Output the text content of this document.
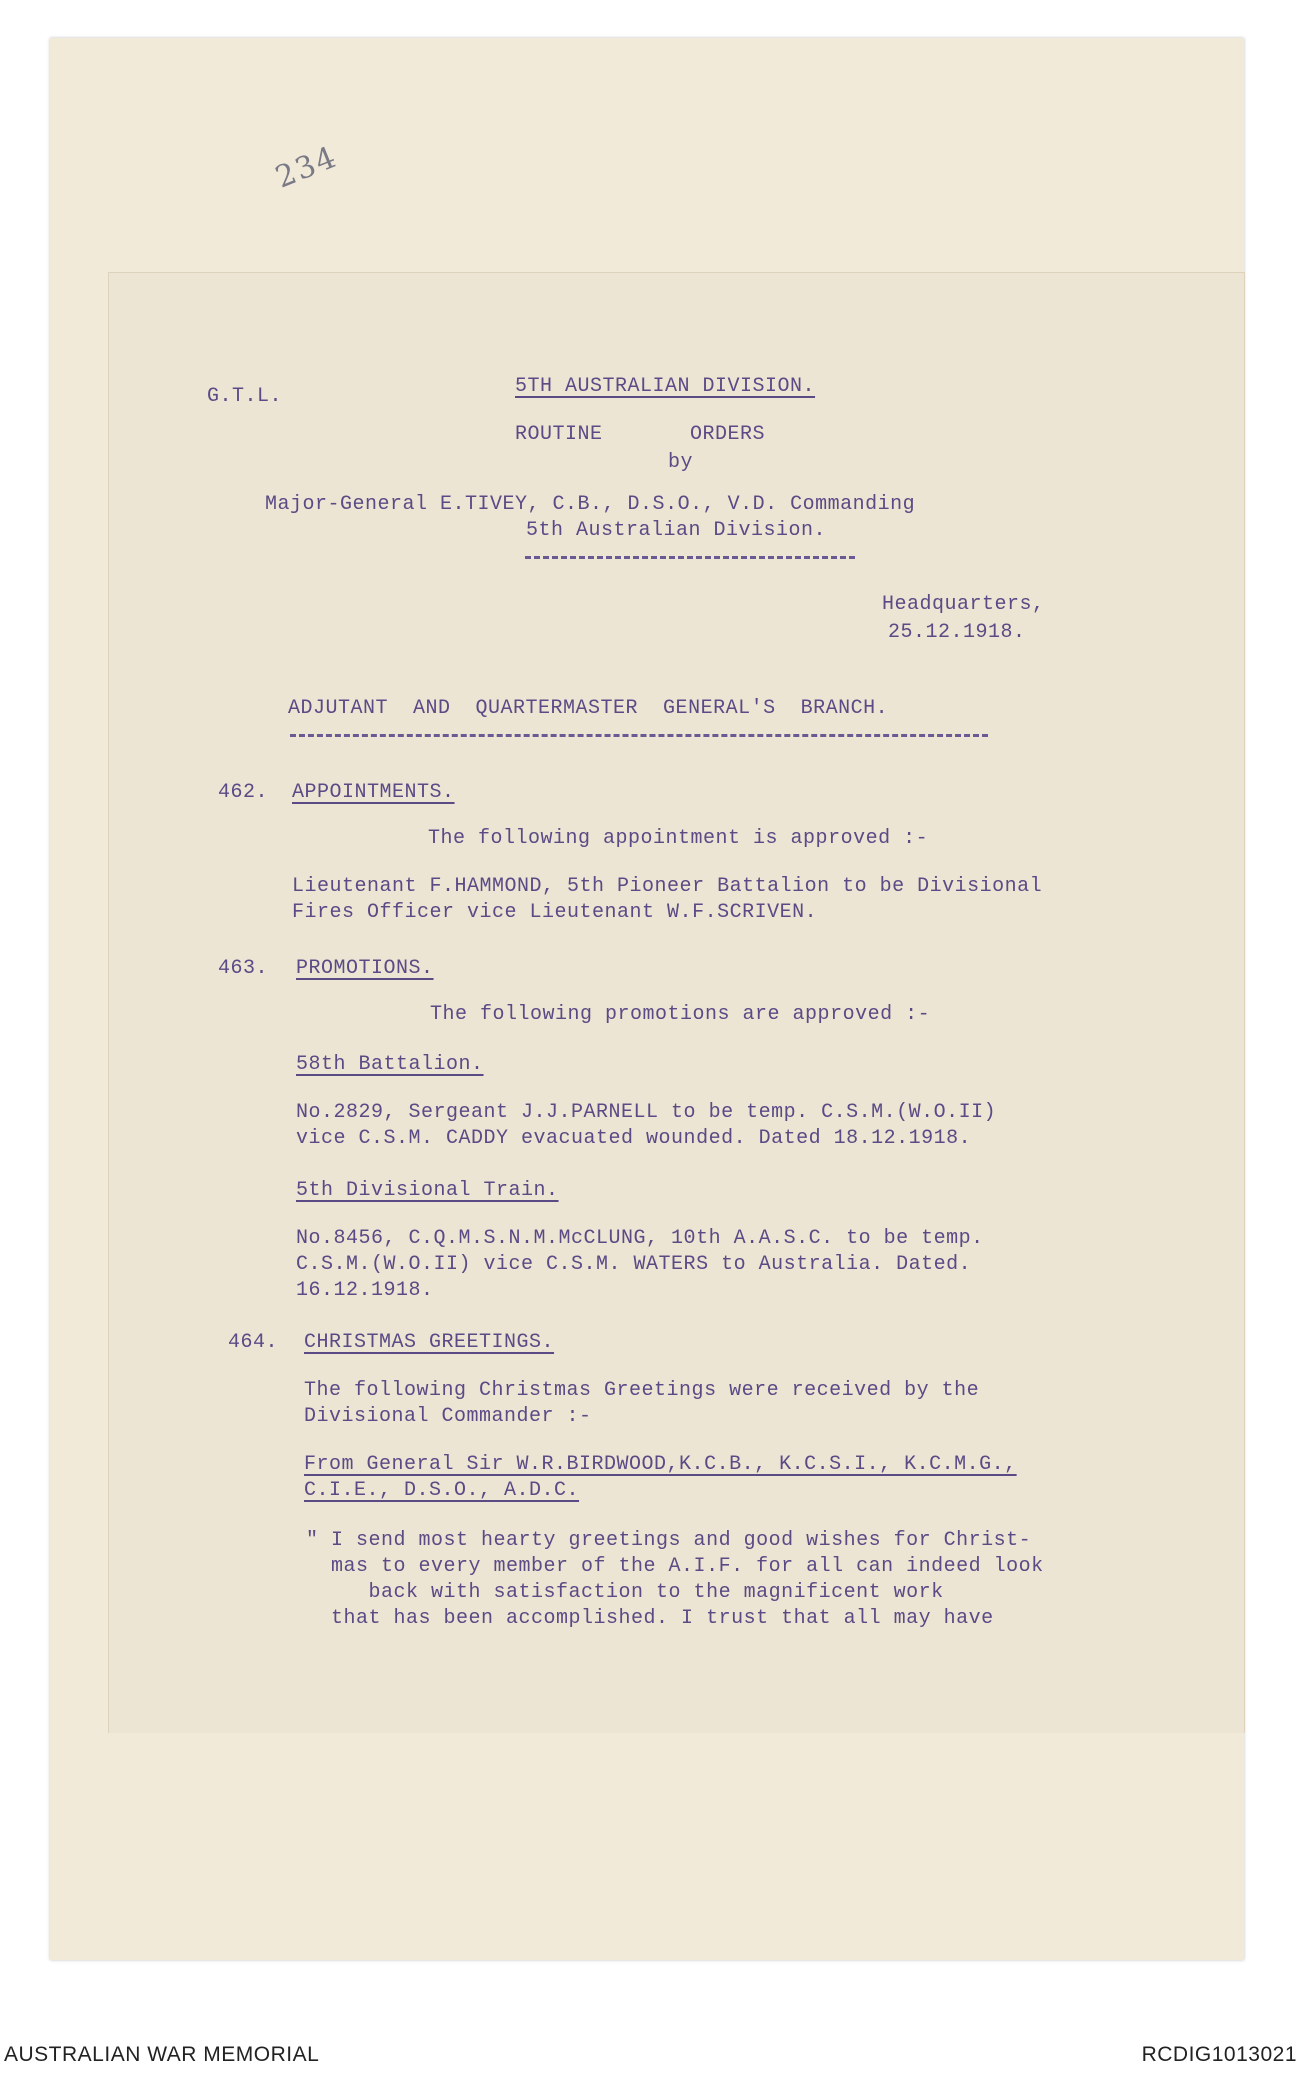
234
G.T.L.	5TH AUSTRALIAN DIVISION.
ROUTINE       ORDERS
by
Major-General E.TIVEY, C.B., D.S.O., V.D. Commanding
5th Australian Division.
Headquarters,
25.12.1918.
ADJUTANT  AND  QUARTERMASTER  GENERAL'S  BRANCH.
462. APPOINTMENTS.
The following appointment is approved :-
Lieutenant F.HAMMOND, 5th Pioneer Battalion to be Divisional
Fires Officer vice Lieutenant W.F.SCRIVEN.
463. PROMOTIONS.
The following promotions are approved :-
58th Battalion.
No.2829, Sergeant J.J.PARNELL to be temp. C.S.M.(W.O.II)
vice C.S.M. CADDY evacuated wounded. Dated 18.12.1918.
5th Divisional Train.
No.8456, C.Q.M.S.N.M.McCLUNG, 10th A.A.S.C. to be temp.
C.S.M.(W.O.II) vice C.S.M. WATERS to Australia. Dated.
16.12.1918.
464. CHRISTMAS GREETINGS.
The following Christmas Greetings were received by the
Divisional Commander :-
From General Sir W.R.BIRDWOOD,K.C.B., K.C.S.I., K.C.M.G.,
C.I.E., D.S.O., A.D.C.
" I send most hearty greetings and good wishes for Christ-
mas to every member of the A.I.F. for all can indeed look
back with satisfaction to the magnificent work
that has been accomplished. I trust that all may have
AUSTRALIAN WAR MEMORIAL	RCDIG1013021
